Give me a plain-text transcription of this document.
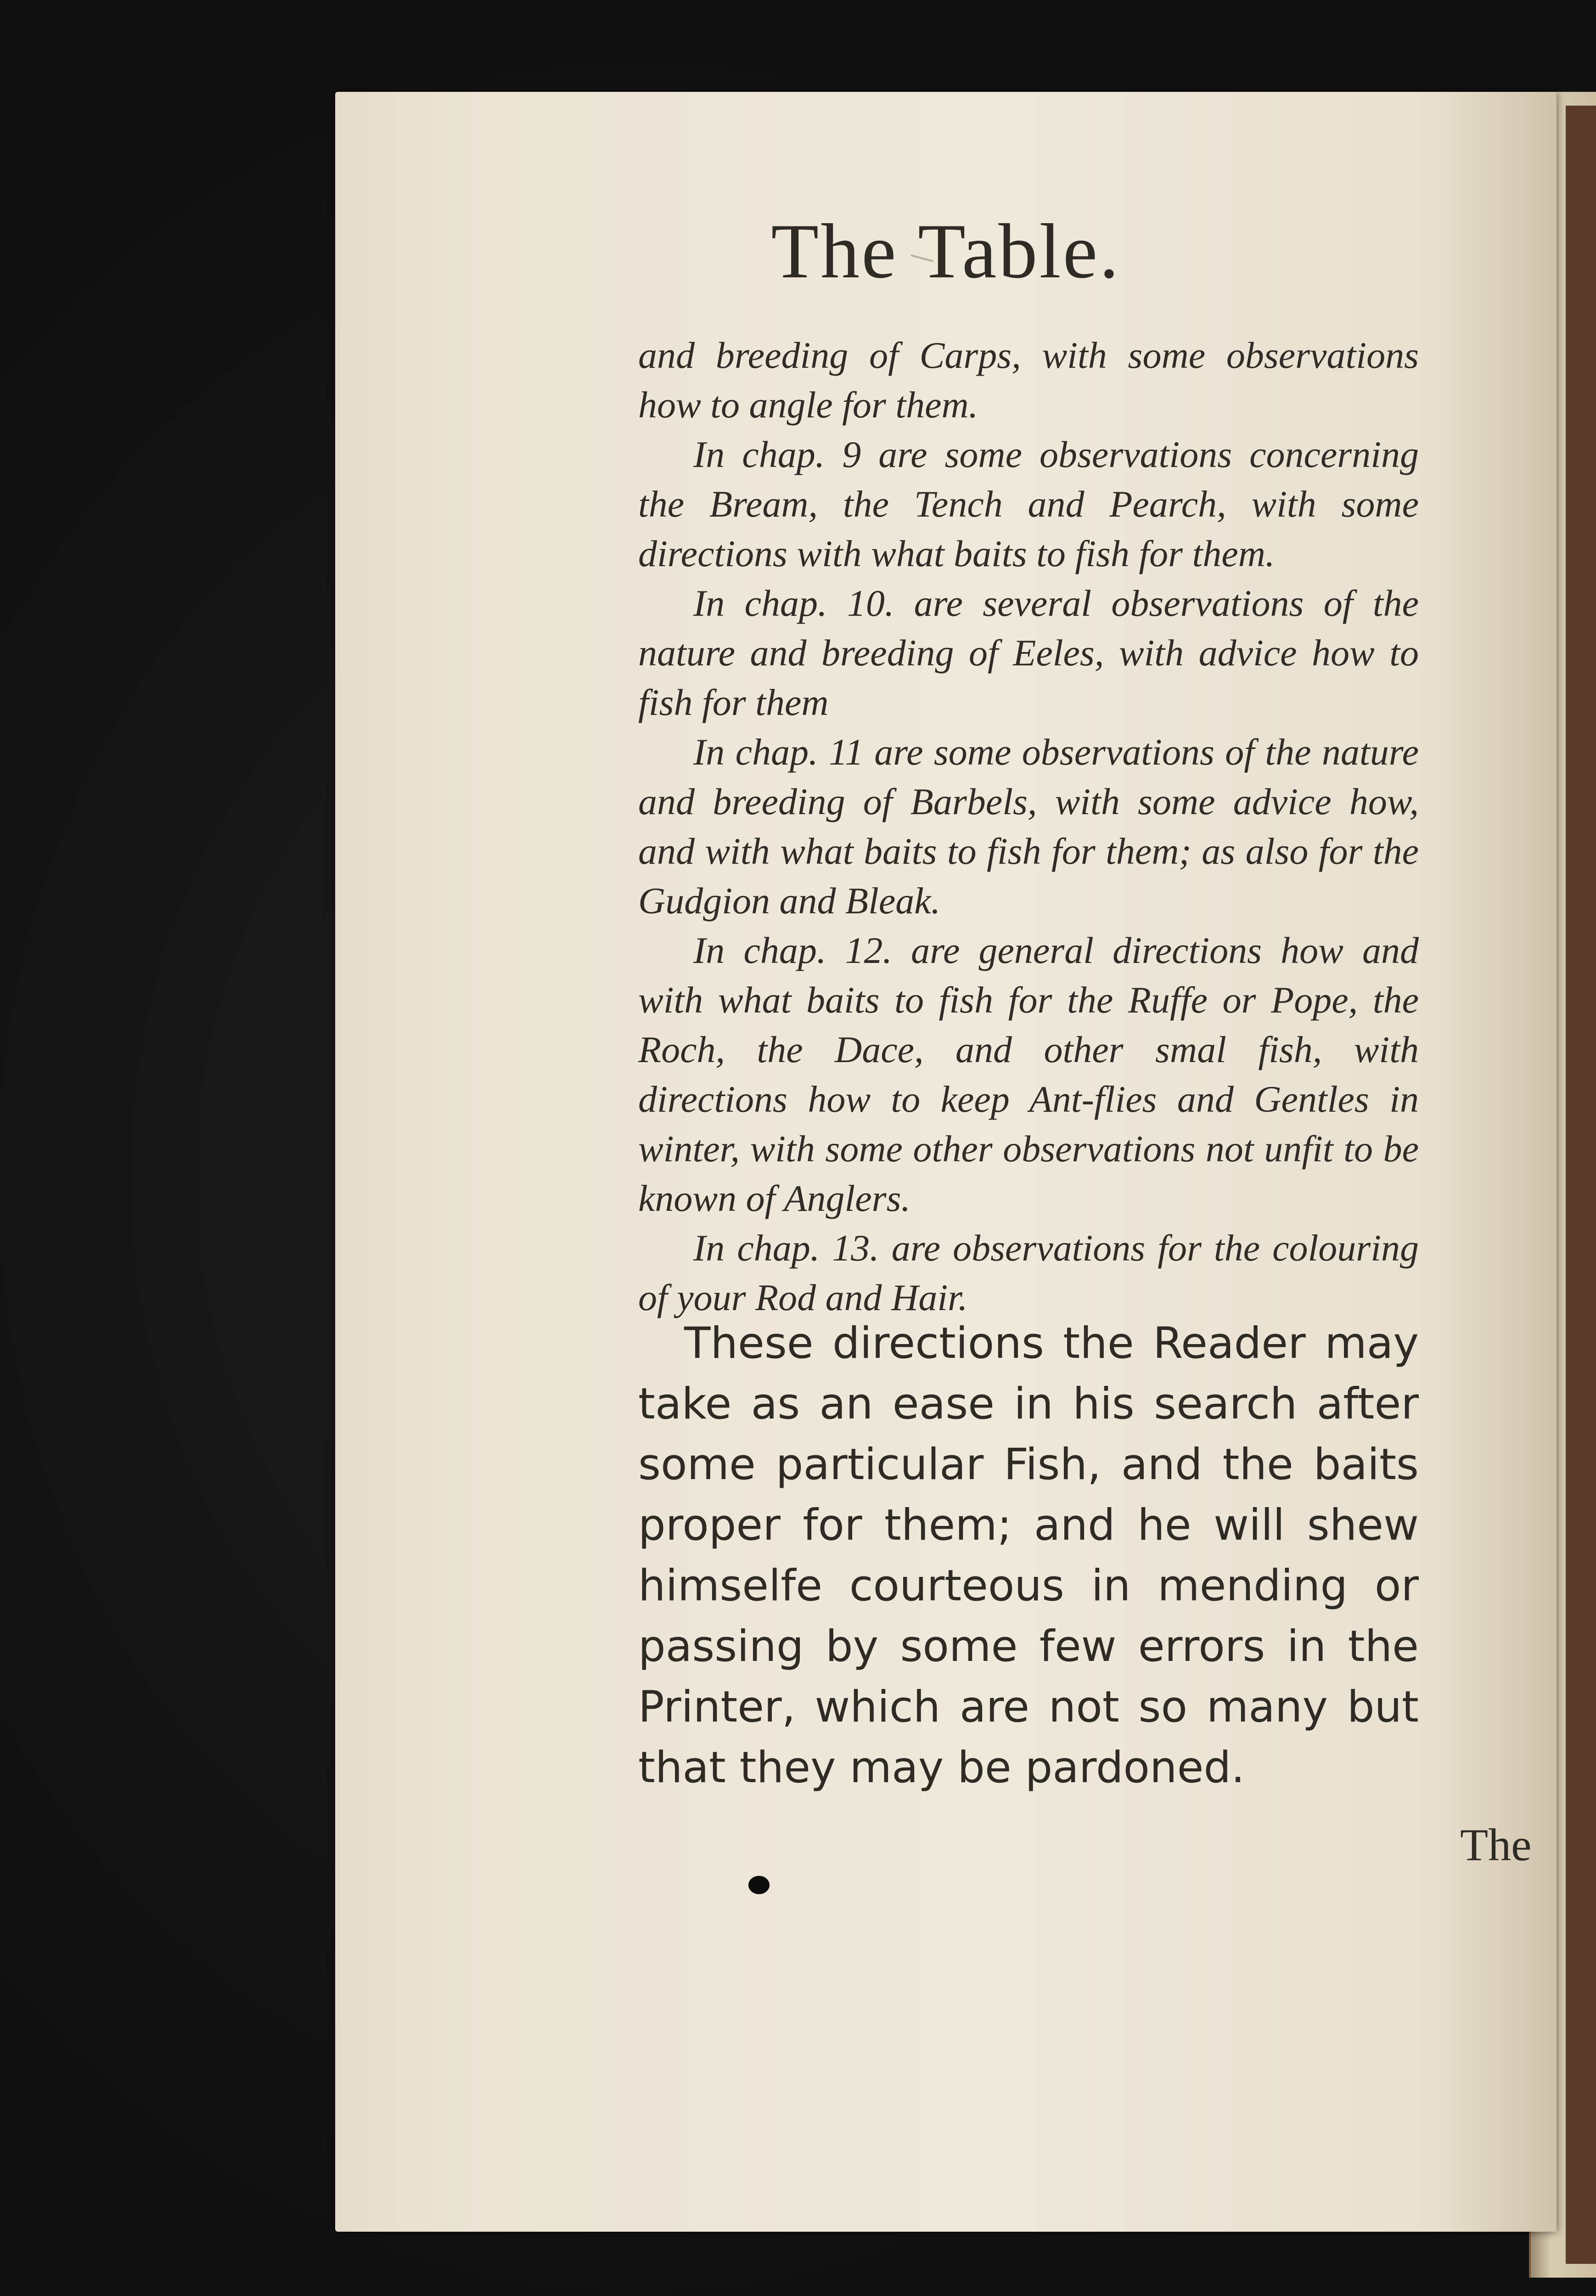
The Table.

and breeding of Carps, with some observations how to angle for them.

In chap. 9 are some observations concerning the Bream, the Tench and Pearch, with some directions with what baits to fish for them.

In chap. 10. are several observations of the nature and breeding of Eeles, with advice how to fish for them

In chap. 11 are some observations of the nature and breeding of Barbels, with some advice how, and with what baits to fish for them; as also for the Gudgion and Bleak.

In chap. 12. are general directions how and with what baits to fish for the Ruffe or Pope, the Roch, the Dace, and other smal fish, with directions how to keep Ant-flies and Gentles in winter, with some other observations not unfit to be known of Anglers.

In chap. 13. are observations for the colouring of your Rod and Hair.

These directions the Reader may take as an ease in his search after some particular Fish, and the baits proper for them; and he will shew himselfe courteous in mending or passing by some few errors in the Printer, which are not so many but that they may be pardoned.

The
